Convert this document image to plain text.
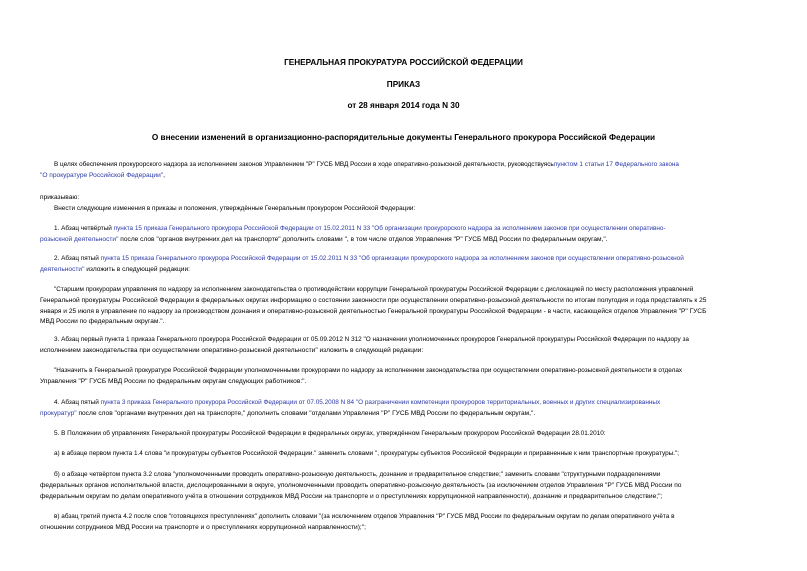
ГЕНЕРАЛЬНАЯ ПРОКУРАТУРА РОССИЙСКОЙ ФЕДЕРАЦИИ
ПРИКАЗ
от 28 января 2014 года N 30
О внесении изменений в организационно-распорядительные документы Генерального прокурора Российской Федерации
В целях обеспечения прокурорского надзора за исполнением законов Управлением "Р" ГУСБ МВД России в ходе оперативно-розыскной деятельности, руководствуясьпунктом 1 статьи 17 Федерального закона
"О прокуратуре Российской Федерации",
приказываю:
Внести следующие изменения в приказы и положения, утверждённые Генеральным прокурором Российской Федерации:
1. Абзац четвёртый пункта 15 приказа Генерального прокурора Российской Федерации от 15.02.2011 N 33 "Об организации прокурорского надзора за исполнением законов при осуществлении оперативно-
розыскной деятельности" после слов "органов внутренних дел на транспорте" дополнить словами ", в том числе отделов Управления "Р" ГУСБ МВД России по федеральным округам,".
2. Абзац пятый пункта 15 приказа Генерального прокурора Российской Федерации от 15.02.2011 N 33 "Об организации прокурорского надзора за исполнением законов при осуществлении оперативно-розыскной
деятельности" изложить в следующей редакции:
"Старшим прокурорам управления по надзору за исполнением законодательства о противодействии коррупции Генеральной прокуратуры Российской Федерации с дислокацией по месту расположения управлений
Генеральной прокуратуры Российской Федерации в федеральных округах информацию о состоянии законности при осуществлении оперативно-розыскной деятельности по итогам полугодия и года представлять к 25
января и 25 июля в управление по надзору за производством дознания и оперативно-розыскной деятельностью Генеральной прокуратуры Российской Федерации - в части, касающейся отделов Управления "Р" ГУСБ
МВД России по федеральным округам.".
3. Абзац первый пункта 1 приказа Генерального прокурора Российской Федерации от 05.09.2012 N 312 "О назначении уполномоченных прокуроров Генеральной прокуратуры Российской Федерации по надзору за
исполнением законодательства при осуществлении оперативно-розыскной деятельности" изложить в следующей редакции:
"Назначить в Генеральной прокуратуре Российской Федерации уполномоченными прокурорами по надзору за исполнением законодательства при осуществлении оперативно-розыскной деятельности в отделах
Управления "Р" ГУСБ МВД России по федеральным округам следующих работников:".
4. Абзац пятый пункта 3 приказа Генерального прокурора Российской Федерации от 07.05.2008 N 84 "О разграничении компетенции прокуроров территориальных, военных и других специализированных
прокуратур" после слов "органами внутренних дел на транспорте," дополнить словами "отделами Управления "Р" ГУСБ МВД России по федеральным округам,".
5. В Положении об управлениях Генеральной прокуратуры Российской Федерации в федеральных округах, утверждённом Генеральным прокурором Российской Федерации 28.01.2010:
а) в абзаце первом пункта 1.4 слова "и прокуратуры субъектов Российской Федерации." заменить словами ", прокуратуры субъектов Российской Федерации и приравненные к ним транспортные прокуратуры.";
б) о абзаце четвёртом пункта 3.2 слова "уполномоченными проводить оперативно-розыскную деятельность, дознание и предварительное следствие;" заменить словами "структурными подразделениями
федеральных органов исполнительной власти, дислоцированными в округе, уполномоченными проводить оперативно-розыскную деятельность (за исключением отделов Управления "Р" ГУСБ МВД России по
федеральным округам по делам оперативного учёта в отношении сотрудников МВД России на транспорте и о преступлениях коррупционной направленности), дознание и предварительное следствие;";
в) абзац третий пункта 4.2 после слов "готовящихся преступлениях" дополнить словами "(за исключением отделов Управления "Р" ГУСБ МВД России по федеральным округам по делам оперативного учёта в
отношении сотрудников МВД России на транспорте и о преступлениях коррупционной направленности);";
